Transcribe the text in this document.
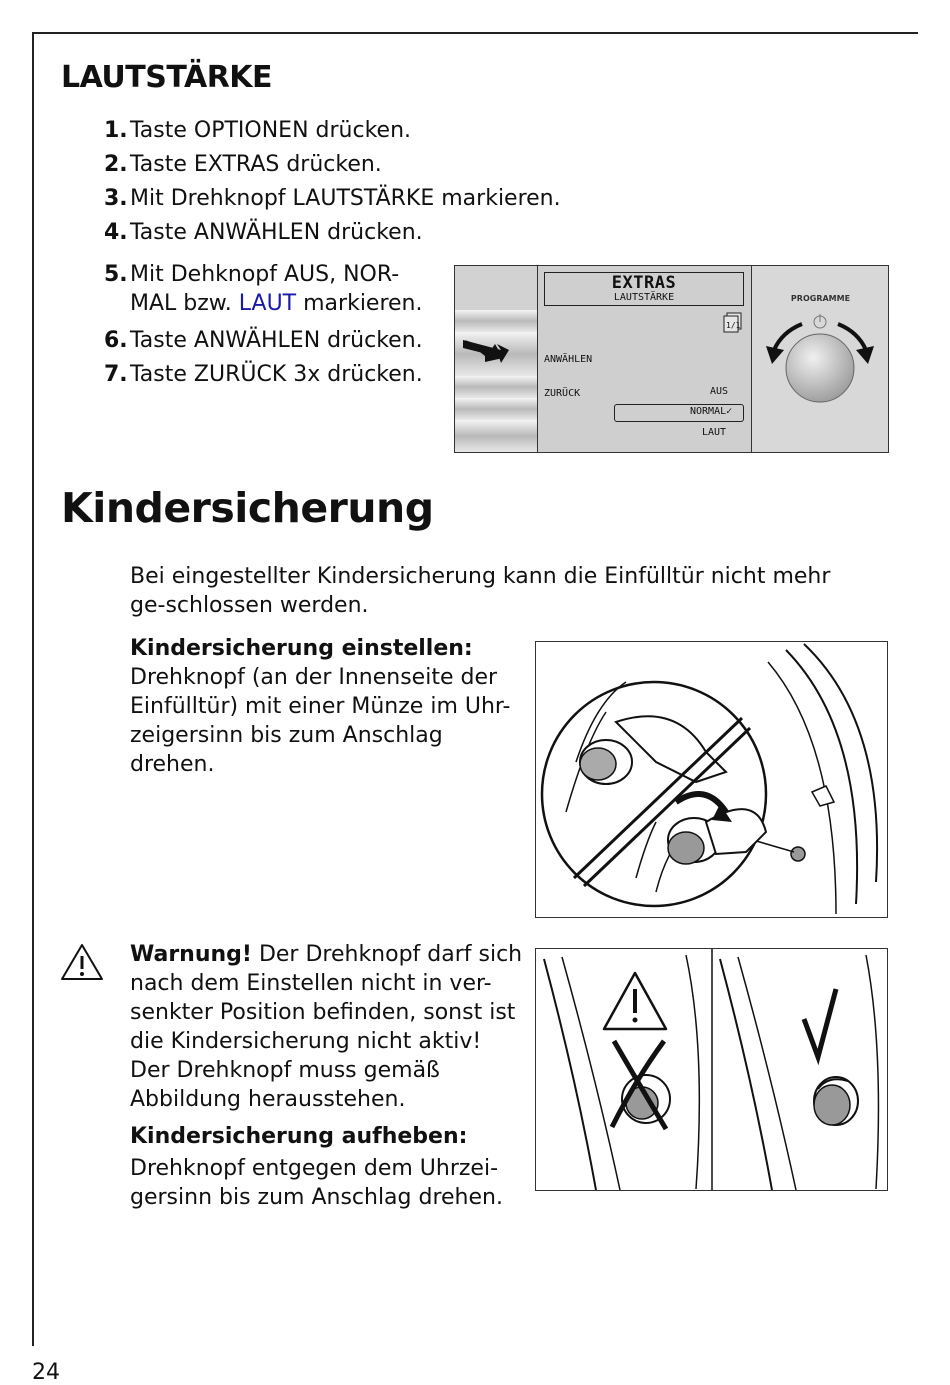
LAUTSTÄRKE
1. Taste OPTIONEN drücken.
2. Taste EXTRAS drücken.
3. Mit Drehknopf LAUTSTÄRKE markieren.
4. Taste ANWÄHLEN drücken.
5. Mit Dehknopf AUS, NOR-
MAL bzw. LAUT markieren.
6. Taste ANWÄHLEN drücken.
7. Taste ZURÜCK 3x drücken.
EXTRAS
LAUTSTÄRKE
1/1
ANWÄHLEN
ZURÜCK	AUS
NORMAL✓
LAUT
PROGRAMME
Kindersicherung

Bei eingestellter Kindersicherung kann die Einfülltür nicht mehr ge-schlossen werden.

Kindersicherung einstellen:
Drehknopf (an der Innenseite der Einfülltür) mit einer Münze im Uhr-zeigersinn bis zum Anschlag drehen.

Warnung! Der Drehknopf darf sich nach dem Einstellen nicht in ver-senkter Position befinden, sonst ist die Kindersicherung nicht aktiv! Der Drehknopf muss gemäß Abbildung herausstehen.

Kindersicherung aufheben:

Drehknopf entgegen dem Uhrzei-gersinn bis zum Anschlag drehen.

24
